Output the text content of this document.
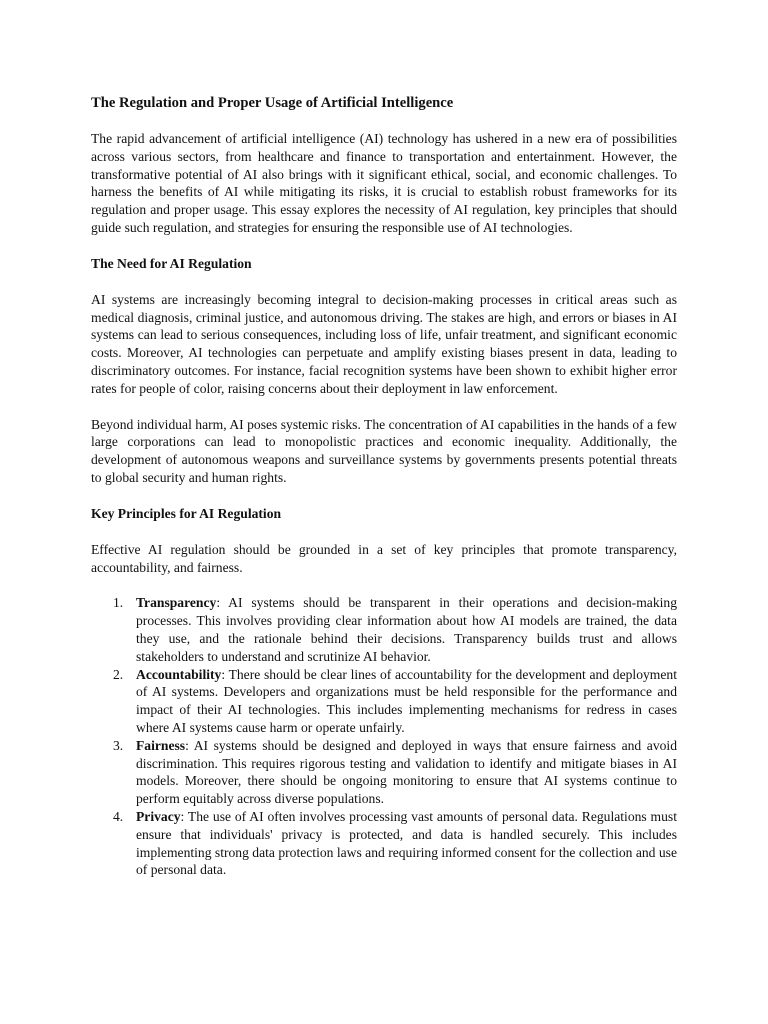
The Regulation and Proper Usage of Artificial Intelligence

The rapid advancement of artificial intelligence (AI) technology has ushered in a new era of possibilities across various sectors, from healthcare and finance to transportation and entertainment. However, the transformative potential of AI also brings with it significant ethical, social, and economic challenges. To harness the benefits of AI while mitigating its risks, it is crucial to establish robust frameworks for its regulation and proper usage. This essay explores the necessity of AI regulation, key principles that should guide such regulation, and strategies for ensuring the responsible use of AI technologies.

The Need for AI Regulation

AI systems are increasingly becoming integral to decision-making processes in critical areas such as medical diagnosis, criminal justice, and autonomous driving. The stakes are high, and errors or biases in AI systems can lead to serious consequences, including loss of life, unfair treatment, and significant economic costs. Moreover, AI technologies can perpetuate and amplify existing biases present in data, leading to discriminatory outcomes. For instance, facial recognition systems have been shown to exhibit higher error rates for people of color, raising concerns about their deployment in law enforcement.

Beyond individual harm, AI poses systemic risks. The concentration of AI capabilities in the hands of a few large corporations can lead to monopolistic practices and economic inequality. Additionally, the development of autonomous weapons and surveillance systems by governments presents potential threats to global security and human rights.

Key Principles for AI Regulation

Effective AI regulation should be grounded in a set of key principles that promote transparency, accountability, and fairness.

1. Transparency: AI systems should be transparent in their operations and decision-making processes. This involves providing clear information about how AI models are trained, the data they use, and the rationale behind their decisions. Transparency builds trust and allows stakeholders to understand and scrutinize AI behavior.
2. Accountability: There should be clear lines of accountability for the development and deployment of AI systems. Developers and organizations must be held responsible for the performance and impact of their AI technologies. This includes implementing mechanisms for redress in cases where AI systems cause harm or operate unfairly.
3. Fairness: AI systems should be designed and deployed in ways that ensure fairness and avoid discrimination. This requires rigorous testing and validation to identify and mitigate biases in AI models. Moreover, there should be ongoing monitoring to ensure that AI systems continue to perform equitably across diverse populations.
4. Privacy: The use of AI often involves processing vast amounts of personal data. Regulations must ensure that individuals' privacy is protected, and data is handled securely. This includes implementing strong data protection laws and requiring informed consent for the collection and use of personal data.
